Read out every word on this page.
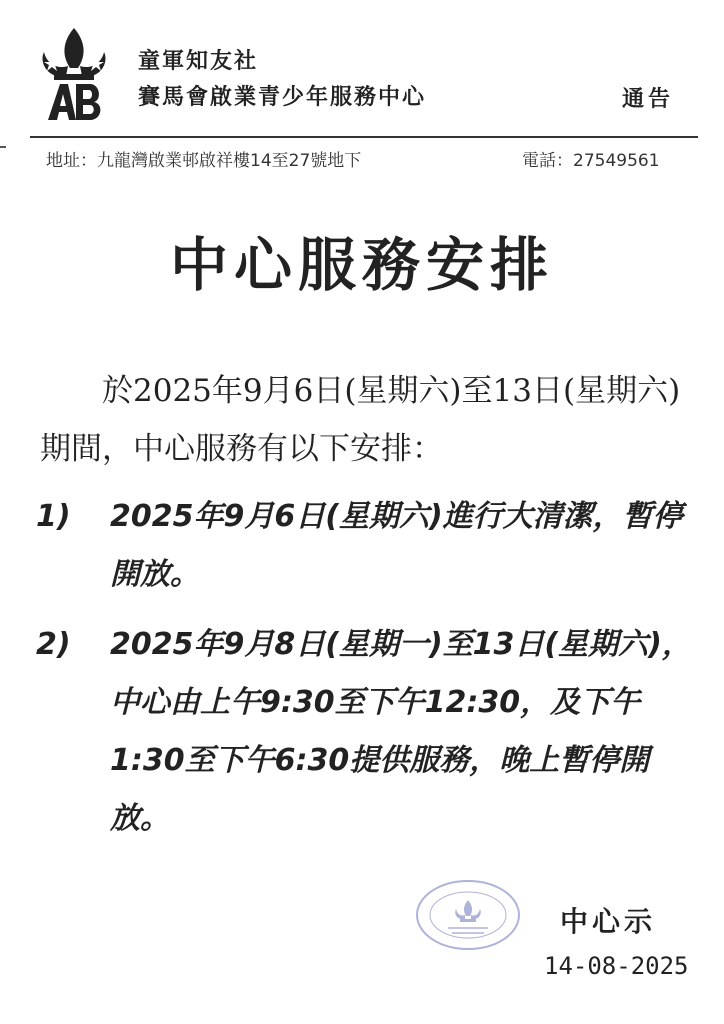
童軍知友社
賽馬會啟業青少年服務中心	通告
地址：九龍灣啟業邨啟祥樓14至27號地下	電話：27549561
中心服務安排
於2025年9月6日(星期六)至13日(星期六)期間，中心服務有以下安排：
1) 2025年9月6日(星期六)進行大清潔，暫停開放。
2) 2025年9月8日(星期一)至13日(星期六)，中心由上午9:30至下午12:30，及下午1:30至下午6:30提供服務，晚上暫停開放。
中心示
14-08-2025
